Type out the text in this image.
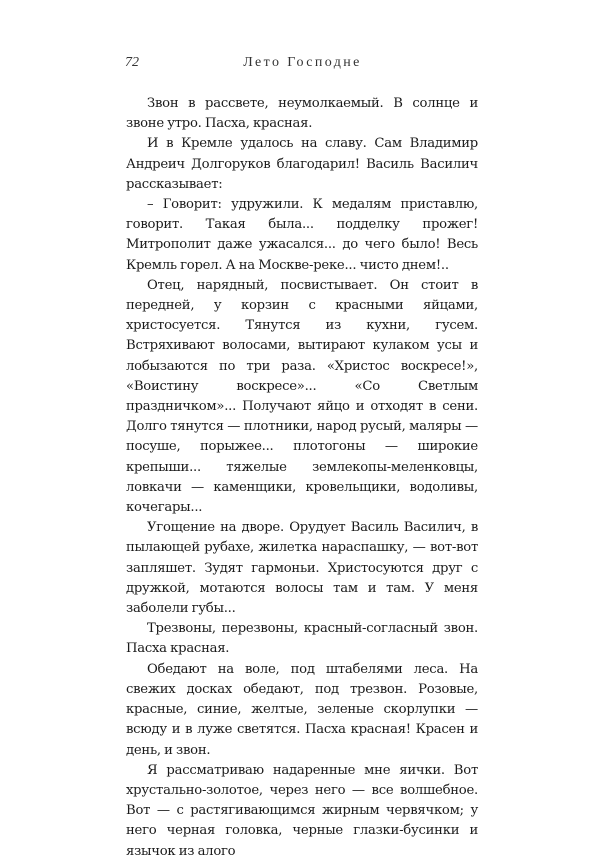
72	Лето Господне

Звон в рассвете, неумолкаемый. В солнце и звоне утро. Пасха, красная.

И в Кремле удалось на славу. Сам Владимир Андреич Долгоруков благодарил! Василь Василич рассказывает:

– Говорит: удружили. К медалям приставлю, говорит. Такая была... подделку прожег! Митрополит даже ужасался... до чего было! Весь Кремль горел. А на Москве-реке... чисто днем!..

Отец, нарядный, посвистывает. Он стоит в передней, у корзин с красными яйцами, христосуется. Тянутся из кухни, гусем. Встряхивают волосами, вытирают кулаком усы и лобызаются по три раза. «Христос воскресе!», «Воистину воскресе»... «Со Светлым праздничком»... Получают яйцо и отходят в сени. Долго тянутся — плотники, народ русый, маляры — посуше, порыжее... плотогоны — широкие крепыши... тяжелые землекопы-меленковцы, ловкачи — каменщики, кровельщики, водоливы, кочегары...

Угощение на дворе. Орудует Василь Василич, в пылающей рубахе, жилетка нараспашку, — вот-вот запляшет. Зудят гармоньи. Христосуются друг с дружкой, мотаются волосы там и там. У меня заболели губы...

Трезвоны, перезвоны, красный-согласный звон. Пасха красная.

Обедают на воле, под штабелями леса. На свежих досках обедают, под трезвон. Розовые, красные, синие, желтые, зеленые скорлупки — всюду и в луже светятся. Пасха красная! Красен и день, и звон.

Я рассматриваю надаренные мне яички. Вот хрустально-золотое, через него — все волшебное. Вот — с растягивающимся жирным червячком; у него черная головка, черные глазки-бусинки и язычок из алого
